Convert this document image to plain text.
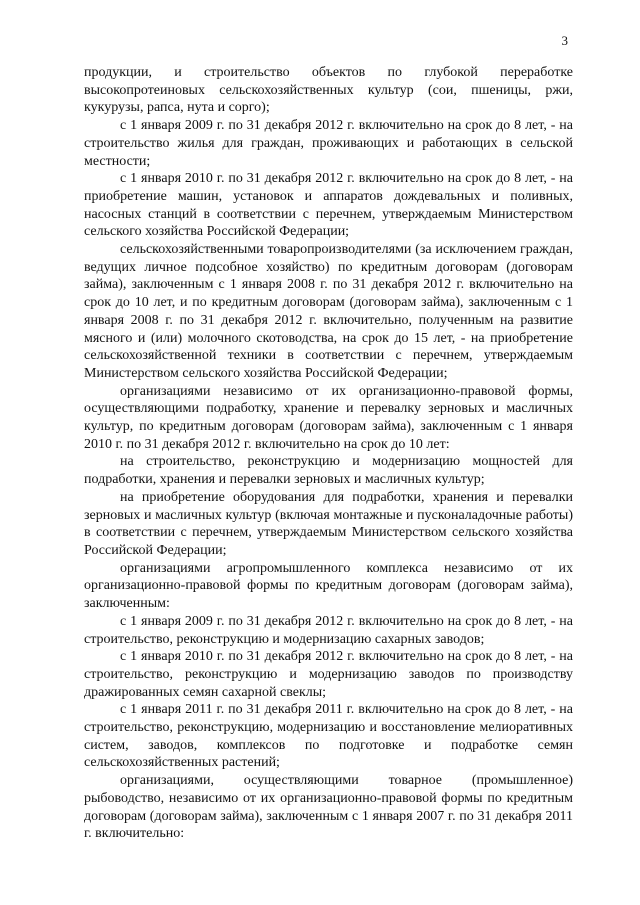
3

продукции, и строительство объектов по глубокой переработке высокопротеиновых сельскохозяйственных культур (сои, пшеницы, ржи, кукурузы, рапса, нута и сорго);

с 1 января 2009 г. по 31 декабря 2012 г. включительно на срок до 8 лет, - на строительство жилья для граждан, проживающих и работающих в сельской местности;

с 1 января 2010 г. по 31 декабря 2012 г. включительно на срок до 8 лет, - на приобретение машин, установок и аппаратов дождевальных и поливных, насосных станций в соответствии с перечнем, утверждаемым Министерством сельского хозяйства Российской Федерации;

сельскохозяйственными товаропроизводителями (за исключением граждан, ведущих личное подсобное хозяйство) по кредитным договорам (договорам займа), заключенным с 1 января 2008 г. по 31 декабря 2012 г. включительно на срок до 10 лет, и по кредитным договорам (договорам займа), заключенным с 1 января 2008 г. по 31 декабря 2012 г. включительно, полученным на развитие мясного и (или) молочного скотоводства, на срок до 15 лет, - на приобретение сельскохозяйственной техники в соответствии с перечнем, утверждаемым Министерством сельского хозяйства Российской Федерации;

организациями независимо от их организационно-правовой формы, осуществляющими подработку, хранение и перевалку зерновых и масличных культур, по кредитным договорам (договорам займа), заключенным с 1 января 2010 г. по 31 декабря 2012 г. включительно на срок до 10 лет:

на строительство, реконструкцию и модернизацию мощностей для подработки, хранения и перевалки зерновых и масличных культур;

на приобретение оборудования для подработки, хранения и перевалки зерновых и масличных культур (включая монтажные и пусконаладочные работы) в соответствии с перечнем, утверждаемым Министерством сельского хозяйства Российской Федерации;

организациями агропромышленного комплекса независимо от их организационно-правовой формы по кредитным договорам (договорам займа), заключенным:

с 1 января 2009 г. по 31 декабря 2012 г. включительно на срок до 8 лет, - на строительство, реконструкцию и модернизацию сахарных заводов;

с 1 января 2010 г. по 31 декабря 2012 г. включительно на срок до 8 лет, - на строительство, реконструкцию и модернизацию заводов по производству дражированных семян сахарной свеклы;

с 1 января 2011 г. по 31 декабря 2011 г. включительно на срок до 8 лет, - на строительство, реконструкцию, модернизацию и восстановление мелиоративных систем, заводов, комплексов по подготовке и подработке семян сельскохозяйственных растений;

организациями, осуществляющими товарное (промышленное) рыбоводство, независимо от их организационно-правовой формы по кредитным договорам (договорам займа), заключенным с 1 января 2007 г. по 31 декабря 2011 г. включительно:
